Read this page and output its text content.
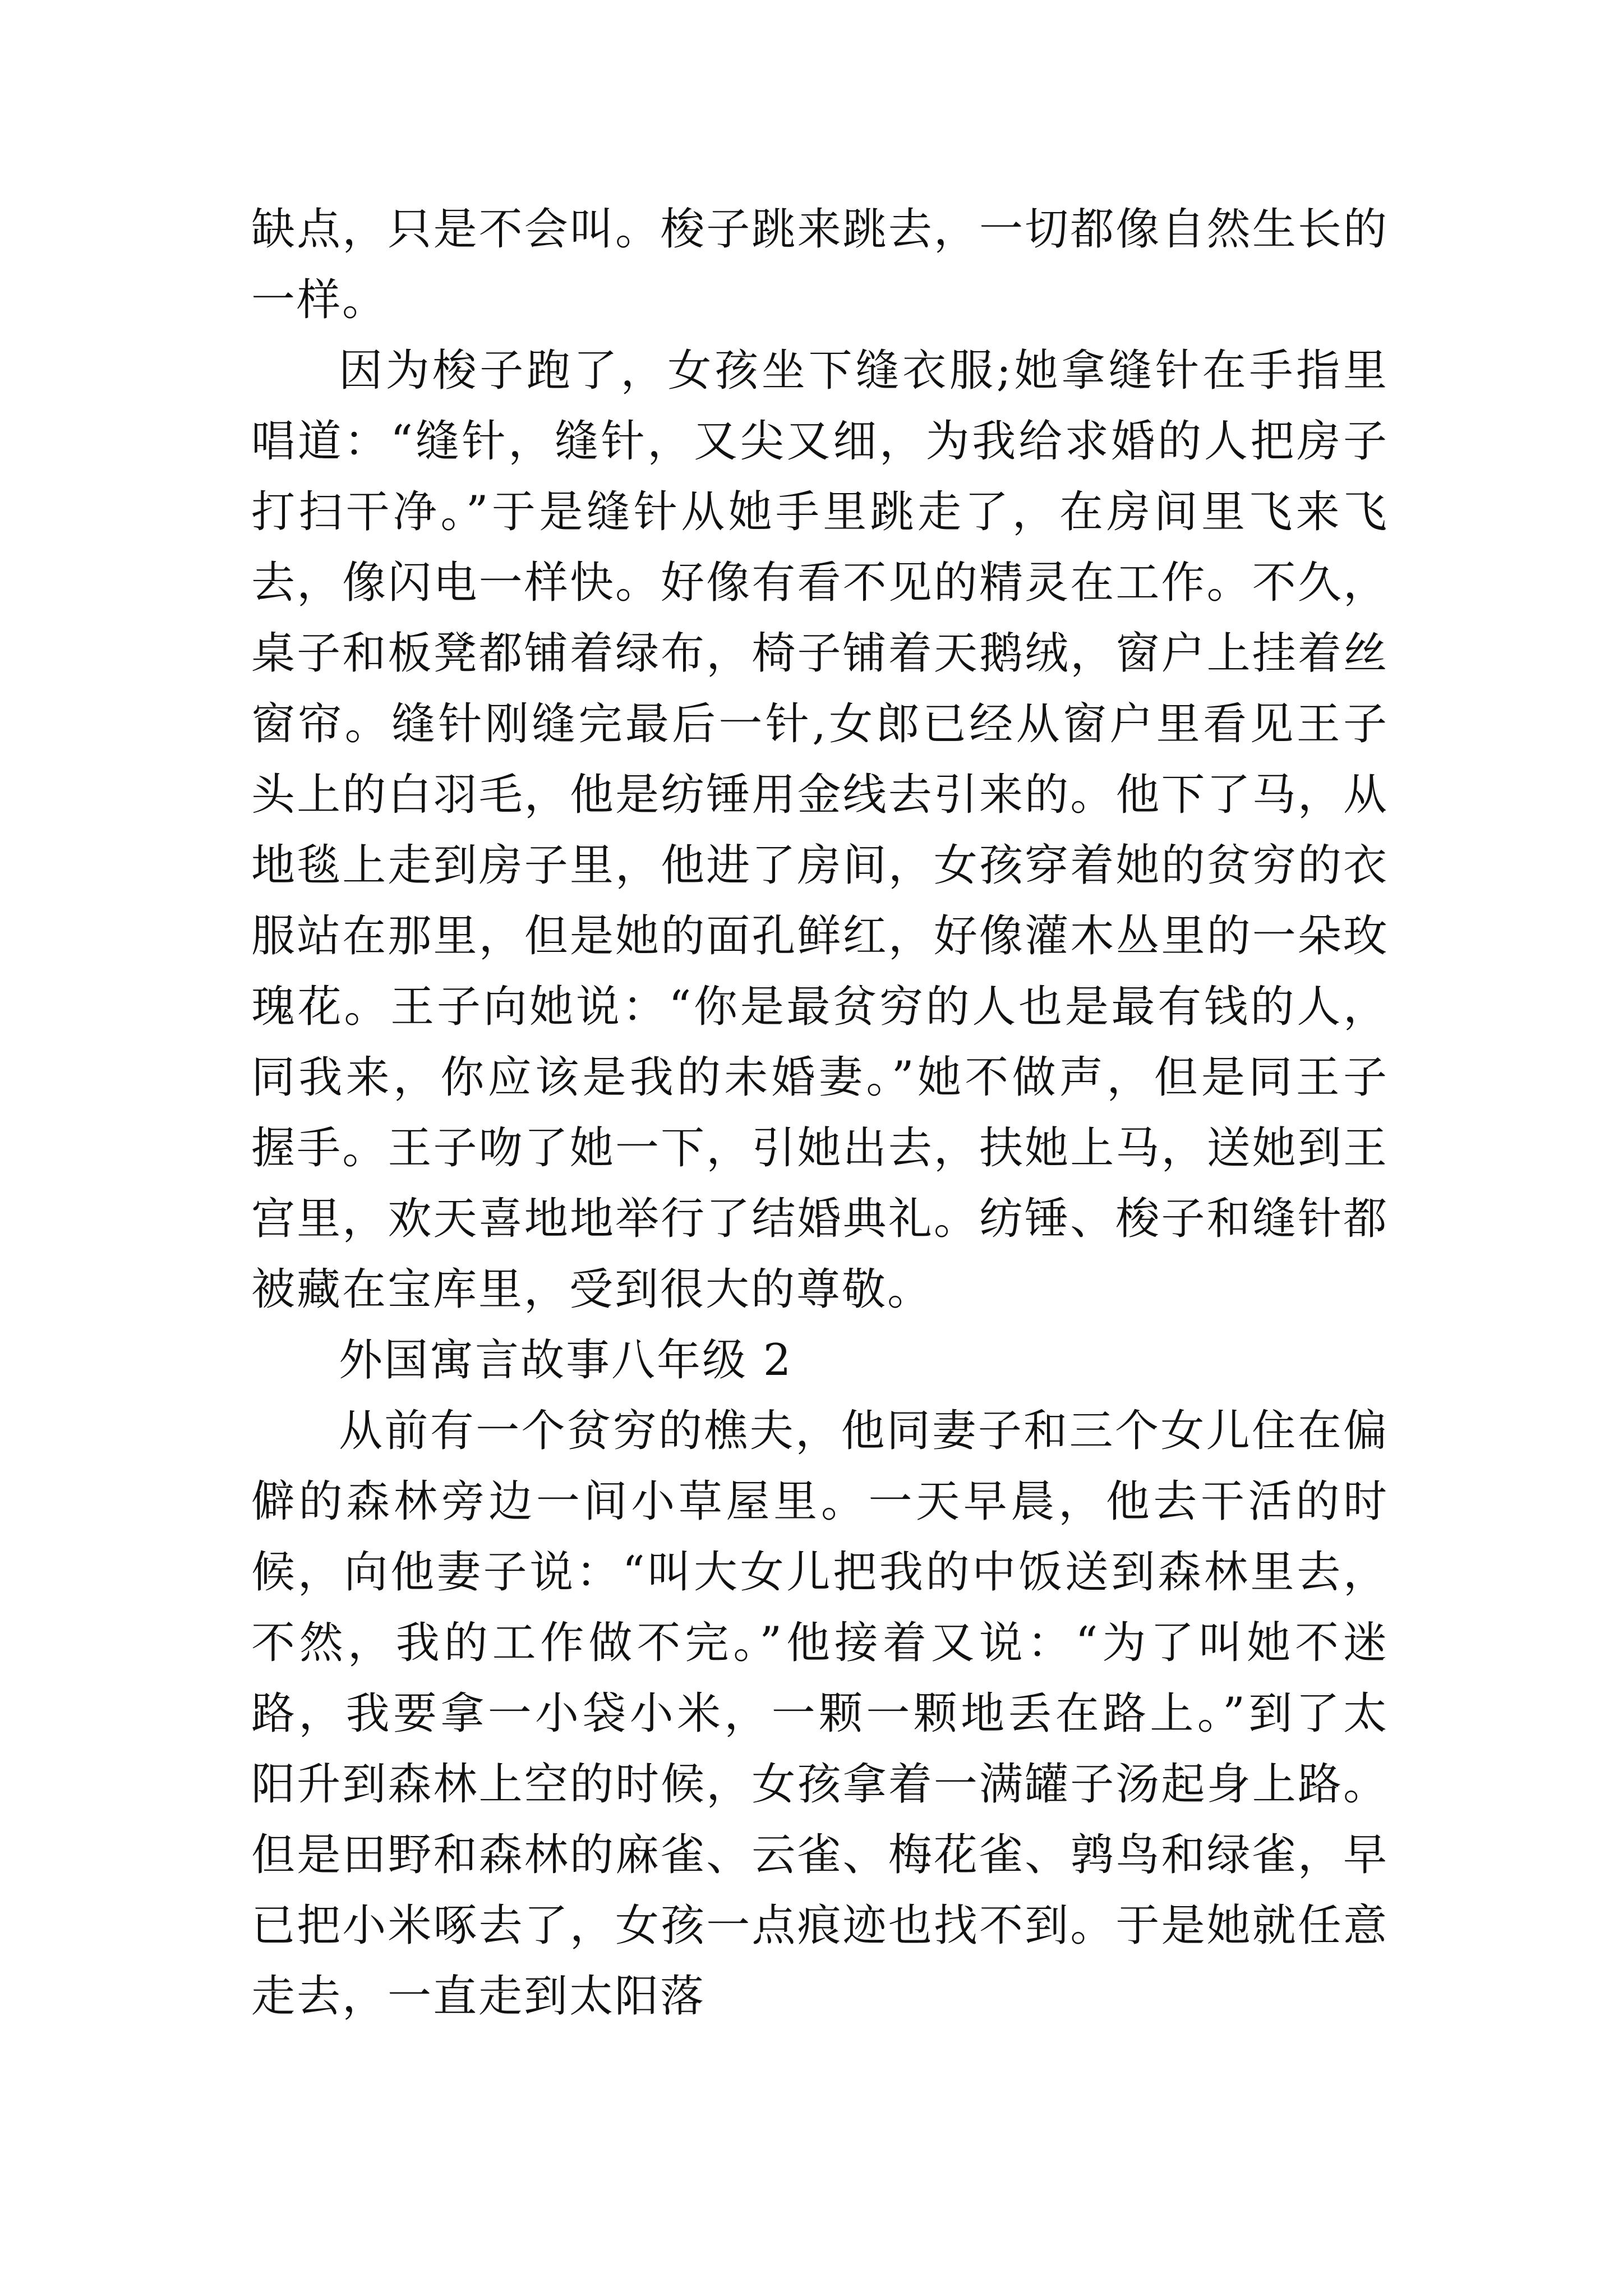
缺点，只是不会叫。梭子跳来跳去，一切都像自然生长的一样。

因为梭子跑了，女孩坐下缝衣服;她拿缝针在手指里唱道：“缝针，缝针，又尖又细，为我给求婚的人把房子打扫干净。”于是缝针从她手里跳走了，在房间里飞来飞去，像闪电一样快。好像有看不见的精灵在工作。不久，桌子和板凳都铺着绿布，椅子铺着天鹅绒，窗户上挂着丝窗帘。缝针刚缝完最后一针,女郎已经从窗户里看见王子头上的白羽毛，他是纺锤用金线去引来的。他下了马，从地毯上走到房子里，他进了房间，女孩穿着她的贫穷的衣服站在那里，但是她的面孔鲜红，好像灌木丛里的一朵玫瑰花。王子向她说：“你是最贫穷的人也是最有钱的人，同我来，你应该是我的未婚妻。”她不做声，但是同王子握手。王子吻了她一下，引她出去，扶她上马，送她到王宫里，欢天喜地地举行了结婚典礼。纺锤、梭子和缝针都被藏在宝库里，受到很大的尊敬。

外国寓言故事八年级 2

从前有一个贫穷的樵夫，他同妻子和三个女儿住在偏僻的森林旁边一间小草屋里。一天早晨，他去干活的时候，向他妻子说：“叫大女儿把我的中饭送到森林里去，不然，我的工作做不完。”他接着又说：“为了叫她不迷路，我要拿一小袋小米，一颗一颗地丢在路上。”到了太阳升到森林上空的时候，女孩拿着一满罐子汤起身上路。但是田野和森林的麻雀、云雀、梅花雀、鹑鸟和绿雀，早已把小米啄去了，女孩一点痕迹也找不到。于是她就任意走去，一直走到太阳落
